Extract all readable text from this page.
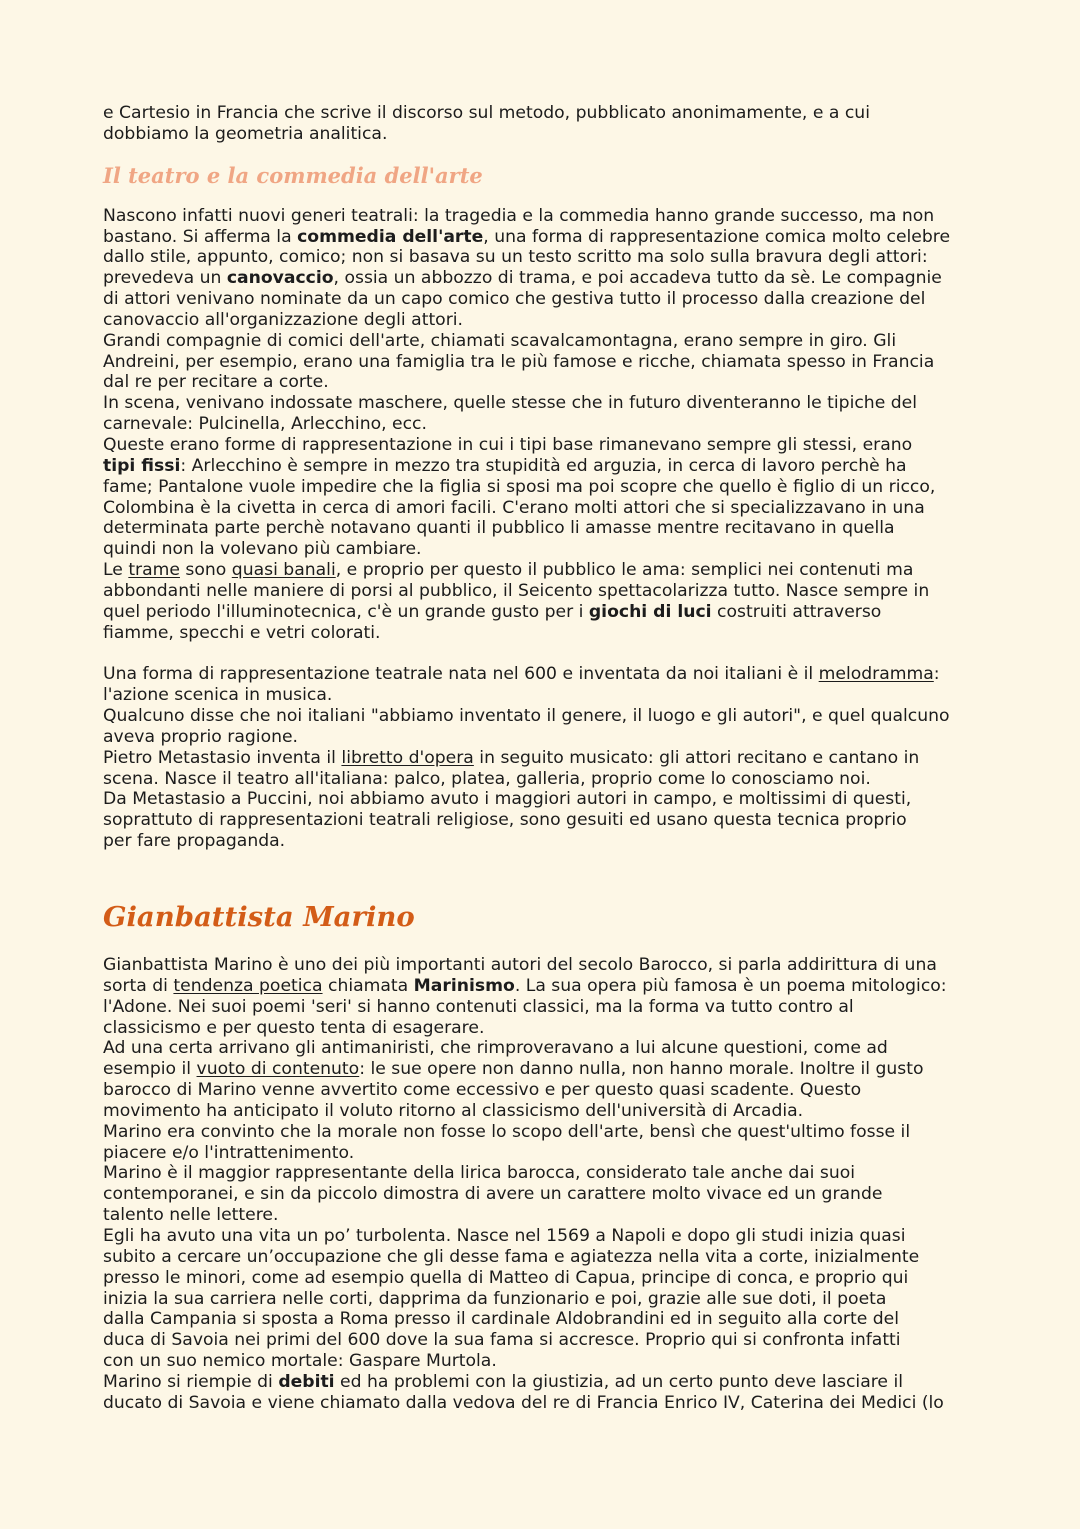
e Cartesio in Francia che scrive il discorso sul metodo, pubblicato anonimamente, e a cui
dobbiamo la geometria analitica.

Il teatro e la commedia dell'arte

Nascono infatti nuovi generi teatrali: la tragedia e la commedia hanno grande successo, ma non
bastano. Si afferma la commedia dell'arte, una forma di rappresentazione comica molto celebre
dallo stile, appunto, comico; non si basava su un testo scritto ma solo sulla bravura degli attori:
prevedeva un canovaccio, ossia un abbozzo di trama, e poi accadeva tutto da sè. Le compagnie
di attori venivano nominate da un capo comico che gestiva tutto il processo dalla creazione del
canovaccio all'organizzazione degli attori.
Grandi compagnie di comici dell'arte, chiamati scavalcamontagna, erano sempre in giro. Gli
Andreini, per esempio, erano una famiglia tra le più famose e ricche, chiamata spesso in Francia
dal re per recitare a corte.
In scena, venivano indossate maschere, quelle stesse che in futuro diventeranno le tipiche del
carnevale: Pulcinella, Arlecchino, ecc.
Queste erano forme di rappresentazione in cui i tipi base rimanevano sempre gli stessi, erano
tipi fissi: Arlecchino è sempre in mezzo tra stupidità ed arguzia, in cerca di lavoro perchè ha
fame; Pantalone vuole impedire che la figlia si sposi ma poi scopre che quello è figlio di un ricco,
Colombina è la civetta in cerca di amori facili. C'erano molti attori che si specializzavano in una
determinata parte perchè notavano quanti il pubblico li amasse mentre recitavano in quella
quindi non la volevano più cambiare.
Le trame sono quasi banali, e proprio per questo il pubblico le ama: semplici nei contenuti ma
abbondanti nelle maniere di porsi al pubblico, il Seicento spettacolarizza tutto. Nasce sempre in
quel periodo l'illuminotecnica, c'è un grande gusto per i giochi di luci costruiti attraverso
fiamme, specchi e vetri colorati.

Una forma di rappresentazione teatrale nata nel 600 e inventata da noi italiani è il melodramma:
l'azione scenica in musica.
Qualcuno disse che noi italiani "abbiamo inventato il genere, il luogo e gli autori", e quel qualcuno
aveva proprio ragione.
Pietro Metastasio inventa il libretto d'opera in seguito musicato: gli attori recitano e cantano in
scena. Nasce il teatro all'italiana: palco, platea, galleria, proprio come lo conosciamo noi.
Da Metastasio a Puccini, noi abbiamo avuto i maggiori autori in campo, e moltissimi di questi,
soprattuto di rappresentazioni teatrali religiose, sono gesuiti ed usano questa tecnica proprio
per fare propaganda.

Gianbattista Marino

Gianbattista Marino è uno dei più importanti autori del secolo Barocco, si parla addirittura di una
sorta di tendenza poetica chiamata Marinismo. La sua opera più famosa è un poema mitologico:
l'Adone. Nei suoi poemi 'seri' si hanno contenuti classici, ma la forma va tutto contro al
classicismo e per questo tenta di esagerare.
Ad una certa arrivano gli antimaniristi, che rimproveravano a lui alcune questioni, come ad
esempio il vuoto di contenuto: le sue opere non danno nulla, non hanno morale. Inoltre il gusto
barocco di Marino venne avvertito come eccessivo e per questo quasi scadente. Questo
movimento ha anticipato il voluto ritorno al classicismo dell'università di Arcadia.
Marino era convinto che la morale non fosse lo scopo dell'arte, bensì che quest'ultimo fosse il
piacere e/o l'intrattenimento.
Marino è il maggior rappresentante della lirica barocca, considerato tale anche dai suoi
contemporanei, e sin da piccolo dimostra di avere un carattere molto vivace ed un grande
talento nelle lettere.
Egli ha avuto una vita un po’ turbolenta. Nasce nel 1569 a Napoli e dopo gli studi inizia quasi
subito a cercare un’occupazione che gli desse fama e agiatezza nella vita a corte, inizialmente
presso le minori, come ad esempio quella di Matteo di Capua, principe di conca, e proprio qui
inizia la sua carriera nelle corti, dapprima da funzionario e poi, grazie alle sue doti, il poeta
dalla Campania si sposta a Roma presso il cardinale Aldobrandini ed in seguito alla corte del
duca di Savoia nei primi del 600 dove la sua fama si accresce. Proprio qui si confronta infatti
con un suo nemico mortale: Gaspare Murtola.
Marino si riempie di debiti ed ha problemi con la giustizia, ad un certo punto deve lasciare il
ducato di Savoia e viene chiamato dalla vedova del re di Francia Enrico IV, Caterina dei Medici (lo
